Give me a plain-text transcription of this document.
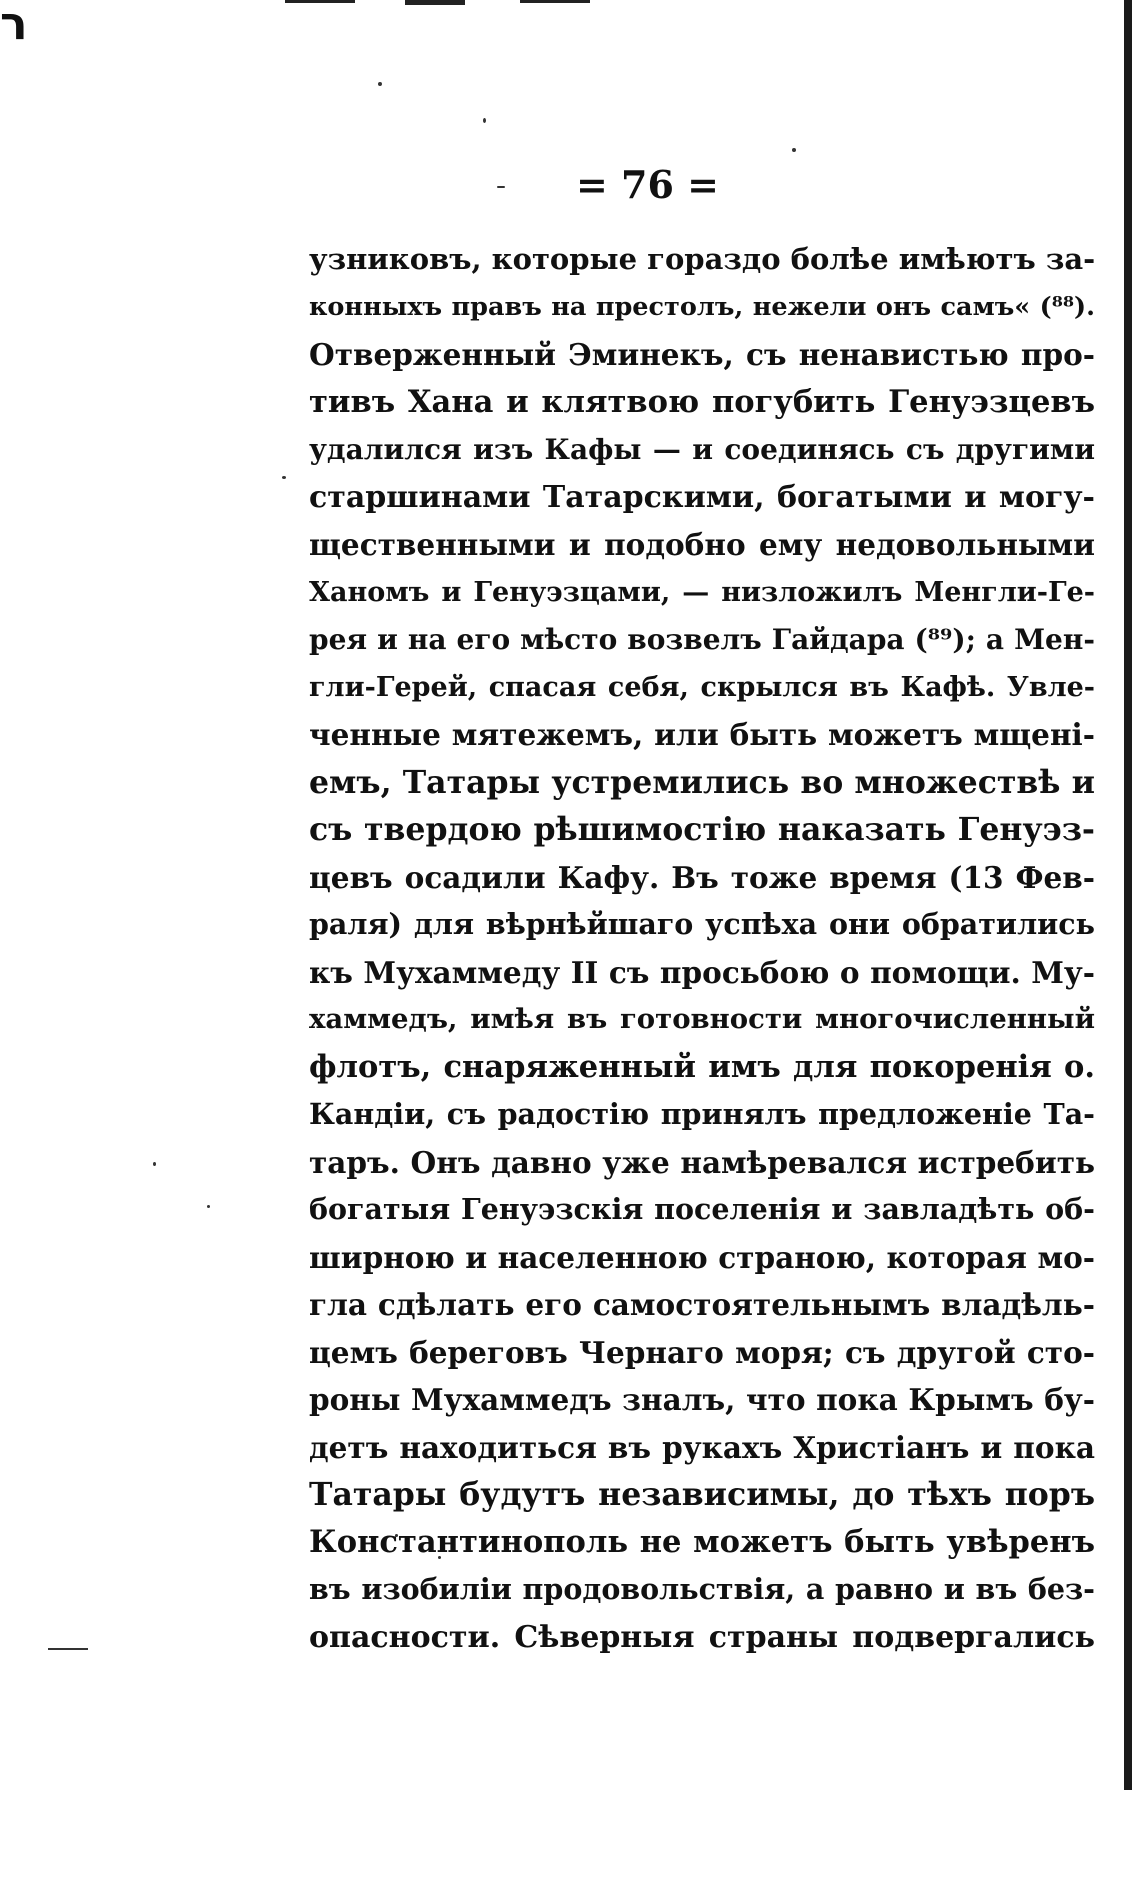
ר
= 76 =
узниковъ, которые гораздо болѣе имѣютъ за-
конныхъ правъ на престолъ, нежели онъ самъ« (⁸⁸).
Отверженный Эминекъ, съ ненавистью про-
тивъ Хана и клятвою погубить Генуэзцевъ
удалился изъ Кафы — и соединясь съ другими
старшинами Татарскими, богатыми и могу-
щественными и подобно ему недовольными
Ханомъ и Генуэзцами, — низложилъ Менгли-Ге-
рея и на его мѣсто возвелъ Гайдара (⁸⁹); а Мен-
гли-Герей, спасая себя, скрылся въ Кафѣ. Увле-
ченные мятежемъ, или быть можетъ мщені-
емъ, Татары устремились во множествѣ и
съ твердою рѣшимостію наказать Генуэз-
цевъ осадили Кафу. Въ тоже время (13 Фев-
раля) для вѣрнѣйшаго успѣха они обратились
къ Мухаммеду II съ просьбою о помощи. Му-
хаммедъ, имѣя въ готовности многочисленный
флотъ, снаряженный имъ для покоренія о.
Кандіи, съ радостію принялъ предложеніе Та-
таръ. Онъ давно уже намѣревался истребить
богатыя Генуэзскія поселенія и завладѣть об-
ширною и населенною страною, которая мо-
гла сдѣлать его самостоятельнымъ владѣль-
цемъ береговъ Чернаго моря; съ другой сто-
роны Мухаммедъ зналъ, что пока Крымъ бу-
детъ находиться въ рукахъ Христіанъ и пока
Татары будутъ независимы, до тѣхъ поръ
Константинополь не можетъ быть увѣренъ
въ изобиліи продовольствія, а равно и въ без-
опасности. Сѣверныя страны подвергались
